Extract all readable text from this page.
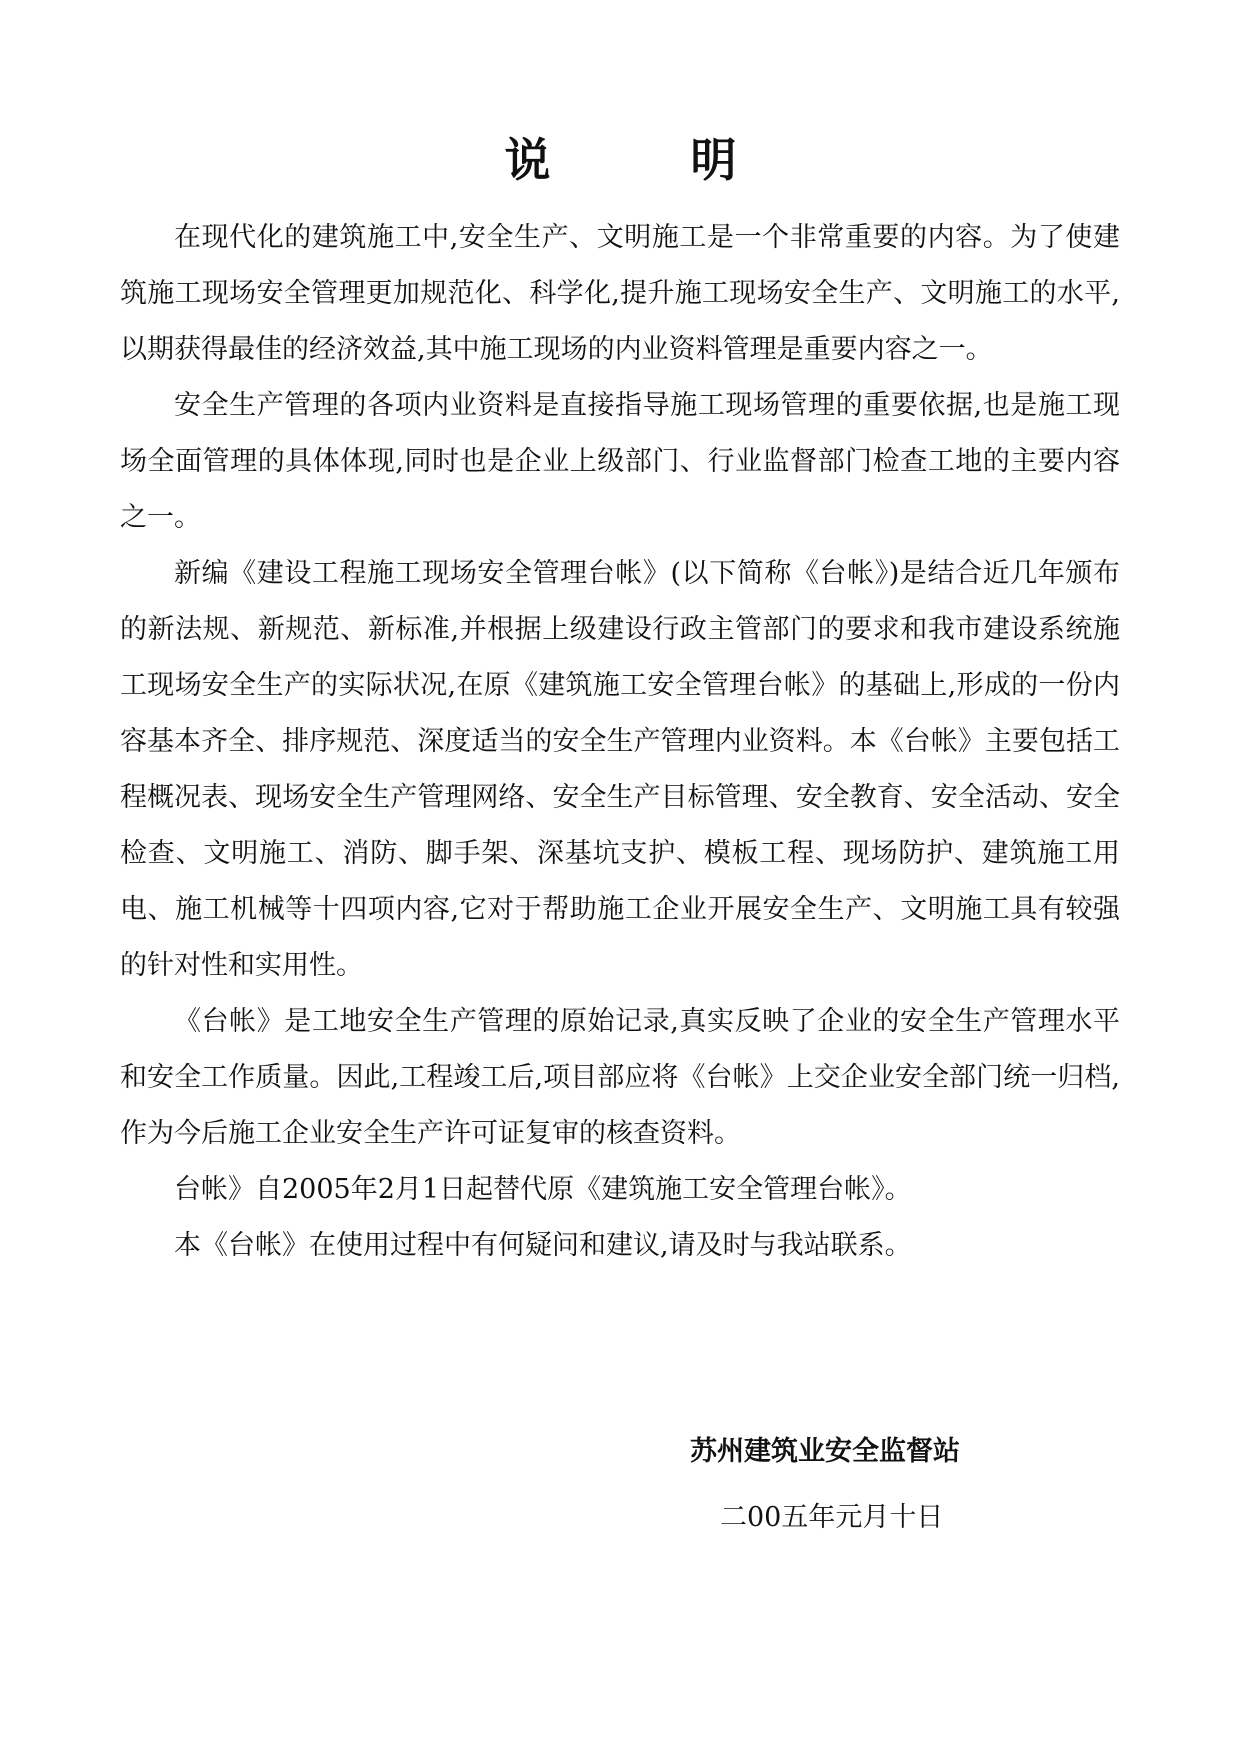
说 明

在现代化的建筑施工中,安全生产、文明施工是一个非常重要的内容。为了使建筑施工现场安全管理更加规范化、科学化,提升施工现场安全生产、文明施工的水平,以期获得最佳的经济效益,其中施工现场的内业资料管理是重要内容之一。

安全生产管理的各项内业资料是直接指导施工现场管理的重要依据,也是施工现场全面管理的具体体现,同时也是企业上级部门、行业监督部门检查工地的主要内容之一。

新编《建设工程施工现场安全管理台帐》(以下简称《台帐》)是结合近几年颁布的新法规、新规范、新标准,并根据上级建设行政主管部门的要求和我市建设系统施工现场安全生产的实际状况,在原《建筑施工安全管理台帐》的基础上,形成的一份内容基本齐全、排序规范、深度适当的安全生产管理内业资料。本《台帐》主要包括工程概况表、现场安全生产管理网络、安全生产目标管理、安全教育、安全活动、安全检查、文明施工、消防、脚手架、深基坑支护、模板工程、现场防护、建筑施工用电、施工机械等十四项内容,它对于帮助施工企业开展安全生产、文明施工具有较强的针对性和实用性。

《台帐》是工地安全生产管理的原始记录,真实反映了企业的安全生产管理水平和安全工作质量。因此,工程竣工后,项目部应将《台帐》上交企业安全部门统一归档,作为今后施工企业安全生产许可证复审的核查资料。

台帐》自2005年2月1日起替代原《建筑施工安全管理台帐》。

本《台帐》在使用过程中有何疑问和建议,请及时与我站联系。

苏州建筑业安全监督站

二00五年元月十日
